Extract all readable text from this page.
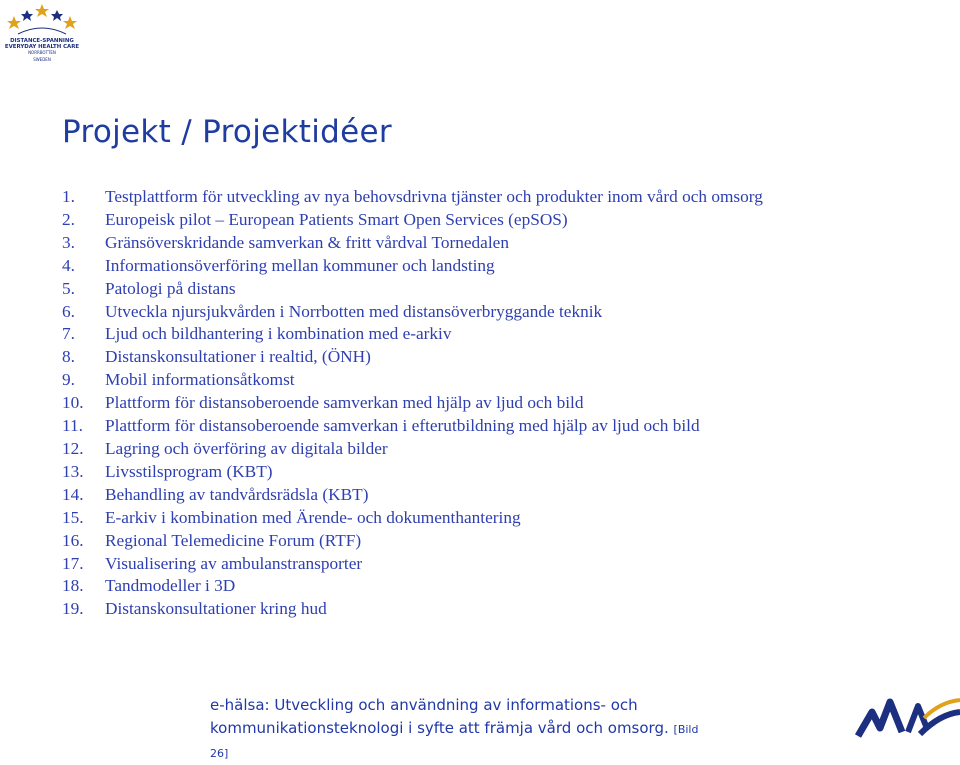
DISTANCE-SPANNING
EVERYDAY HEALTH CARE
NORRBOTTEN
SWEDEN
Projekt / Projektidéer
1.	Testplattform för utveckling av nya behovsdrivna tjänster och produkter inom vård och omsorg
2.	Europeisk pilot – European Patients Smart Open Services (epSOS)
3.	Gränsöverskridande samverkan & fritt vårdval Tornedalen
4.	Informationsöverföring mellan kommuner och landsting
5.	Patologi på distans
6.	Utveckla njursjukvården i Norrbotten med distansöverbryggande teknik
7.	Ljud och bildhantering i kombination med e-arkiv
8.	Distanskonsultationer i realtid, (ÖNH)
9.	Mobil informationsåtkomst
10.	Plattform för distansoberoende samverkan med hjälp av ljud och bild
11.	Plattform för distansoberoende samverkan i efterutbildning med hjälp av ljud och bild
12.	Lagring och överföring av digitala bilder
13.	Livsstilsprogram (KBT)
14.	Behandling av tandvårdsrädsla (KBT)
15.	E-arkiv i kombination med Ärende- och dokumenthantering
16.	Regional Telemedicine Forum (RTF)
17.	Visualisering av ambulanstransporter
18.	Tandmodeller i 3D
19.	Distanskonsultationer kring hud
e-hälsa: Utveckling och användning av informations- och
kommunikationsteknologi i syfte att främja vård och omsorg. [Bild 26]
